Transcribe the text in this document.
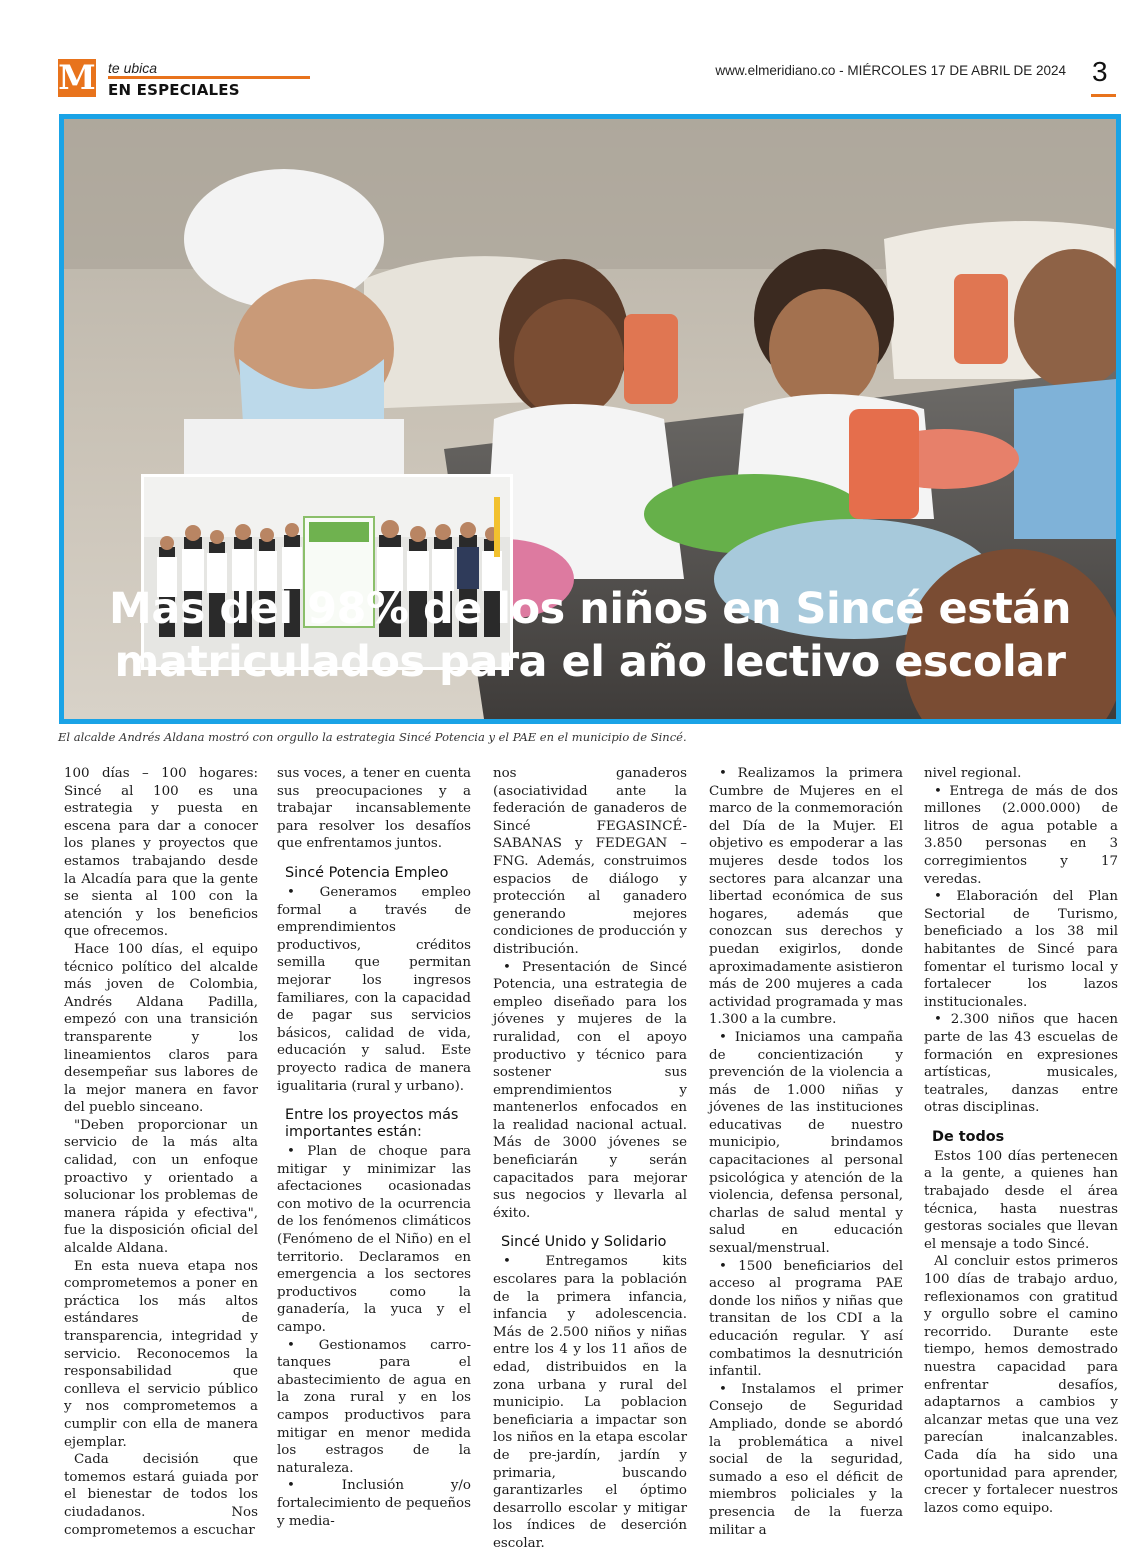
M te ubica
EN ESPECIALES
www.elmeridiano.co - MIÉRCOLES 17 DE ABRIL DE 2024 3
Más del 98% de los niños en Sincé están
matriculados para el año lectivo escolar
El alcalde Andrés Aldana mostró con orgullo la estrategia Sincé Potencia y el PAE en el municipio de Sincé.

100 días – 100 hogares: Sincé al 100 es una estrategia y puesta en escena para dar a conocer los planes y proyectos que estamos trabajando desde la Alcadía para que la gente se sienta al 100 con la atención y los beneficios que ofrecemos.

Hace 100 días, el equipo técnico político del alcalde más joven de Colombia, Andrés Aldana Padilla, empezó con una transición transparente y los lineamientos claros para desempeñar sus labores de la mejor manera en favor del pueblo sinceano.

"Deben proporcionar un servicio de la más alta calidad, con un enfoque proactivo y orientado a solucionar los problemas de manera rápida y efectiva", fue la disposición oficial del alcalde Aldana.

En esta nueva etapa nos comprometemos a poner en práctica los más altos estándares de transparencia, integridad y servicio. Reconocemos la responsabilidad que conlleva el servicio público y nos comprometemos a cumplir con ella de manera ejemplar.

Cada decisión que tomemos estará guiada por el bienestar de todos los ciudadanos. Nos comprometemos a escuchar

sus voces, a tener en cuenta sus preocupaciones y a trabajar incansablemente para resolver los desafíos que enfrentamos juntos.

Sincé Potencia Empleo

• Generamos empleo formal a través de emprendimientos productivos, créditos semilla que permitan mejorar los ingresos familiares, con la capacidad de pagar sus servicios básicos, calidad de vida, educación y salud. Este proyecto radica de manera igualitaria (rural y urbano).

Entre los proyectos más importantes están:

• Plan de choque para mitigar y minimizar las afectaciones ocasionadas con motivo de la ocurrencia de los fenómenos climáticos (Fenómeno de el Niño) en el territorio. Declaramos en emergencia a los sectores productivos como la ganadería, la yuca y el campo.

• Gestionamos carro-tanques para el abastecimiento de agua en la zona rural y en los campos productivos para mitigar en menor medida los estragos de la naturaleza.

• Inclusión y/o fortalecimiento de pequeños y media-

nos ganaderos (asociatividad ante la federación de ganaderos de Sincé FEGASINCÉ-SABANAS y FEDEGAN – FNG. Además, construimos espacios de diálogo y protección al ganadero generando mejores condiciones de producción y distribución.

• Presentación de Sincé Potencia, una estrategia de empleo diseñado para los jóvenes y mujeres de la ruralidad, con el apoyo productivo y técnico para sostener sus emprendimientos y mantenerlos enfocados en la realidad nacional actual. Más de 3000 jóvenes se beneficiarán y serán capacitados para mejorar sus negocios y llevarla al éxito.

Sincé Unido y Solidario

• Entregamos kits escolares para la población de la primera infancia, infancia y adolescencia. Más de 2.500 niños y niñas entre los 4 y los 11 años de edad, distribuidos en la zona urbana y rural del municipio. La poblacion beneficiaria a impactar son los niños en la etapa escolar de pre-jardín, jardín y primaria, buscando garantizarles el óptimo desarrollo escolar y mitigar los índices de deserción escolar.

• Realizamos la primera Cumbre de Mujeres en el marco de la conmemoración del Día de la Mujer. El objetivo es empoderar a las mujeres desde todos los sectores para alcanzar una libertad económica de sus hogares, además que conozcan sus derechos y puedan exigirlos, donde aproximadamente asistieron más de 200 mujeres a cada actividad programada y mas 1.300 a la cumbre.

• Iniciamos una campaña de concientización y prevención de la violencia a más de 1.000 niñas y jóvenes de las instituciones educativas de nuestro municipio, brindamos capacitaciones al personal psicológica y atención de la violencia, defensa personal, charlas de salud mental y salud en educación sexual/menstrual.

• 1500 beneficiarios del acceso al programa PAE donde los niños y niñas que transitan de los CDI a la educación regular. Y así combatimos la desnutrición infantil.

• Instalamos el primer Consejo de Seguridad Ampliado, donde se abordó la problemática a nivel social de la seguridad, sumado a eso el déficit de miembros policiales y la presencia de la fuerza militar a

nivel regional.

• Entrega de más de dos millones (2.000.000) de litros de agua potable a 3.850 personas en 3 corregimientos y 17 veredas.

• Elaboración del Plan Sectorial de Turismo, beneficiado a los 38 mil habitantes de Sincé para fomentar el turismo local y fortalecer los lazos institucionales.

• 2.300 niños que hacen parte de las 43 escuelas de formación en expresiones artísticas, musicales, teatrales, danzas entre otras disciplinas.

De todos

Estos 100 días pertenecen a la gente, a quienes han trabajado desde el área técnica, hasta nuestras gestoras sociales que llevan el mensaje a todo Sincé.

Al concluir estos primeros 100 días de trabajo arduo, reflexionamos con gratitud y orgullo sobre el camino recorrido. Durante este tiempo, hemos demostrado nuestra capacidad para enfrentar desafíos, adaptarnos a cambios y alcanzar metas que una vez parecían inalcanzables. Cada día ha sido una oportunidad para aprender, crecer y fortalecer nuestros lazos como equipo.
